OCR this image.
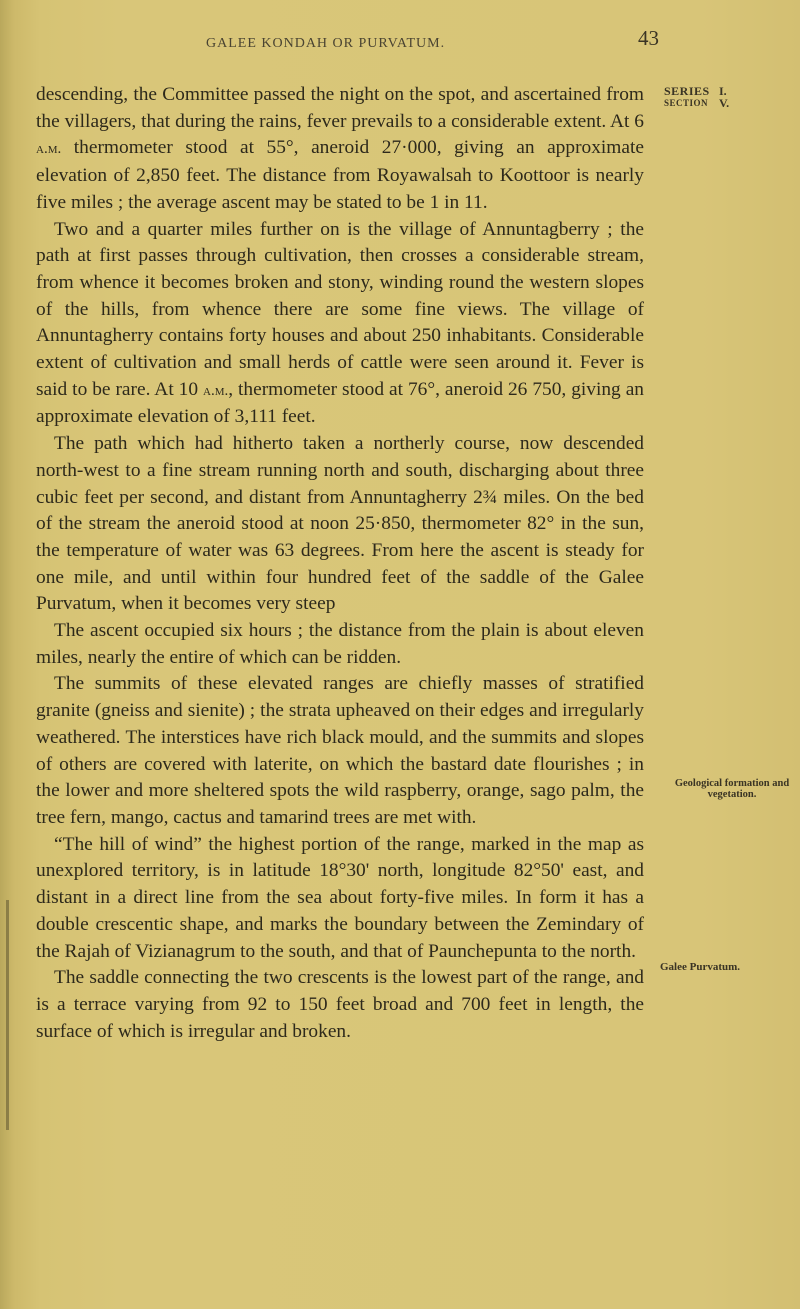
GALEE KONDAH OR PURVATUM.	43
SERIES I.
SECTION V.
Geological formation and vegetation.
Galee Purvatum.

descending, the Committee passed the night on the spot, and ascertained from the villagers, that during the rains, fever prevails to a considerable extent. At 6 a.m. thermometer stood at 55°, aneroid 27·000, giving an approximate elevation of 2,850 feet. The distance from Royawalsah to Koottoor is nearly five miles ; the average ascent may be stated to be 1 in 11.

Two and a quarter miles further on is the village of Annuntagberry ; the path at first passes through cultivation, then crosses a considerable stream, from whence it becomes broken and stony, winding round the western slopes of the hills, from whence there are some fine views. The village of Annuntagherry contains forty houses and about 250 inhabitants. Considerable extent of cultivation and small herds of cattle were seen around it. Fever is said to be rare. At 10 a.m., thermometer stood at 76°, aneroid 26 750, giving an approximate elevation of 3,111 feet.

The path which had hitherto taken a northerly course, now descended north-west to a fine stream running north and south, discharging about three cubic feet per second, and distant from Annuntagherry 2¾ miles. On the bed of the stream the aneroid stood at noon 25·850, thermometer 82° in the sun, the temperature of water was 63 degrees. From here the ascent is steady for one mile, and until within four hundred feet of the saddle of the Galee Purvatum, when it becomes very steep

The ascent occupied six hours ; the distance from the plain is about eleven miles, nearly the entire of which can be ridden.

The summits of these elevated ranges are chiefly masses of stratified granite (gneiss and sienite) ; the strata upheaved on their edges and irregularly weathered. The interstices have rich black mould, and the summits and slopes of others are covered with laterite, on which the bastard date flourishes ; in the lower and more sheltered spots the wild raspberry, orange, sago palm, the tree fern, mango, cactus and tamarind trees are met with.

“The hill of wind” the highest portion of the range, marked in the map as unexplored territory, is in latitude 18°30' north, longitude 82°50' east, and distant in a direct line from the sea about forty-five miles. In form it has a double crescentic shape, and marks the boundary between the Zemindary of the Rajah of Vizianagrum to the south, and that of Paunchepunta to the north.

The saddle connecting the two crescents is the lowest part of the range, and is a terrace varying from 92 to 150 feet broad and 700 feet in length, the surface of which is irregular and broken.
